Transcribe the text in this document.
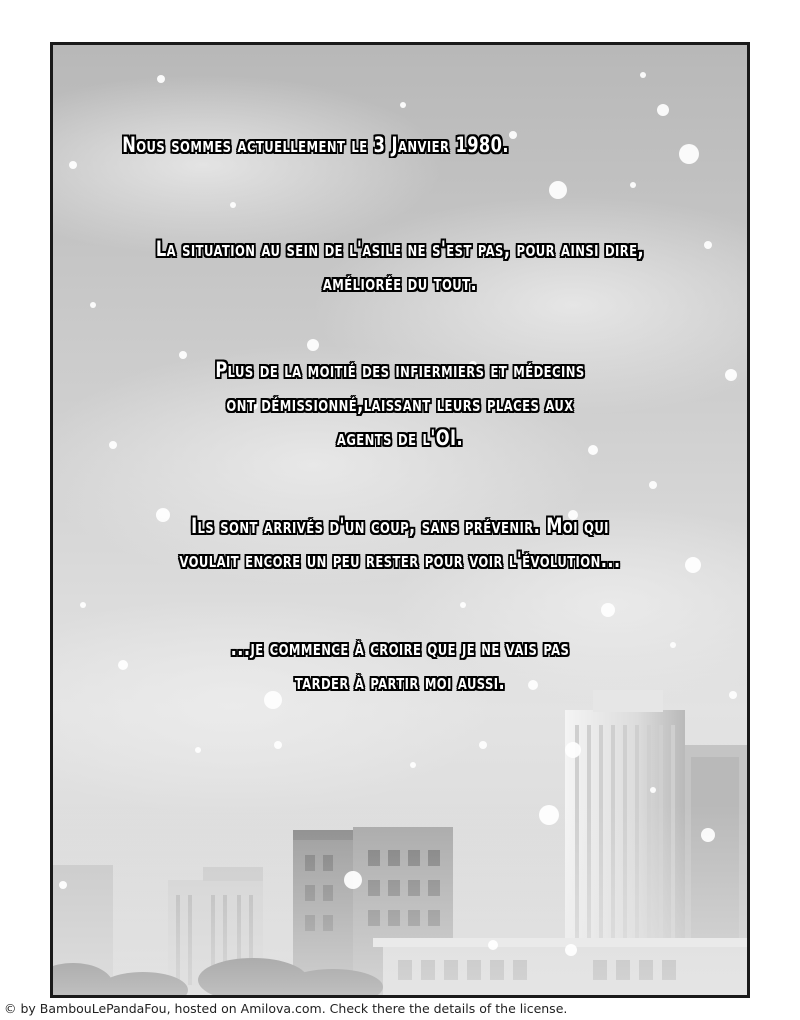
Nous sommes actuellement le 3 Janvier 1980.
La situation au sein de l'asile ne s'est pas, pour ainsi dire,
améliorée du tout.
Plus de la moitié des infiermiers et médecins
ont démissionné,laissant leurs places aux
agents de l'OI.
Ils sont arrivés d'un coup, sans prévenir. Moi qui
voulait encore un peu rester pour voir l'évolution...
...je commence à croire que je ne vais pas
tarder à partir moi aussi.
© by BambouLePandaFou, hosted on Amilova.com. Check there the details of the license.
